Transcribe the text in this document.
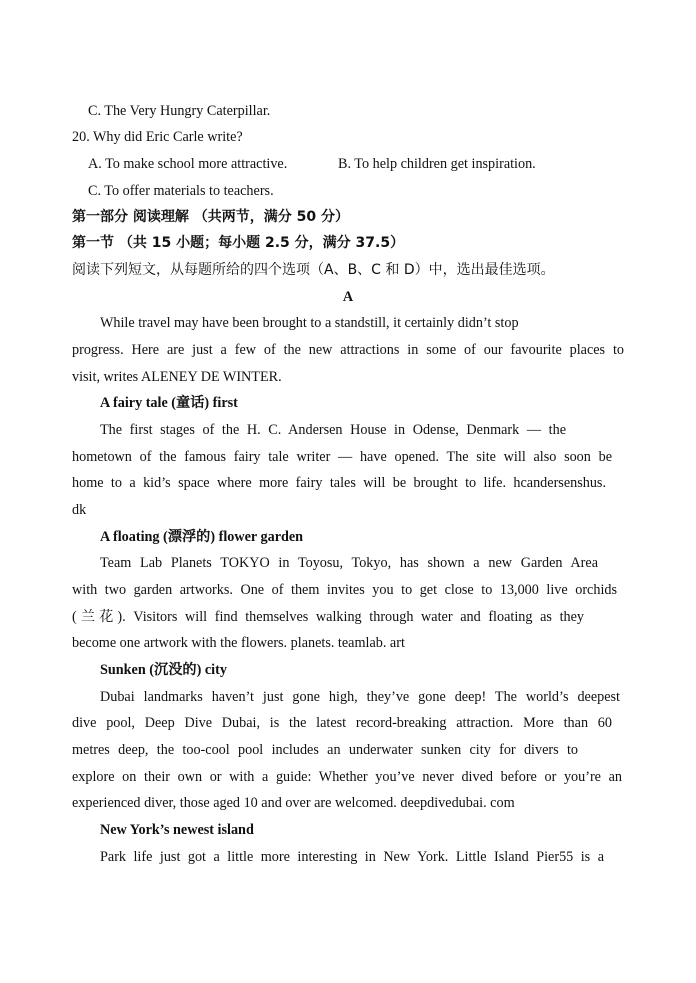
C. The Very Hungry Caterpillar.
20. Why did Eric Carle write?
A. To make school more attractive.	B. To help children get inspiration.
C. To offer materials to teachers.
第一部分 阅读理解 （共两节，满分 50 分）
第一节 （共 15 小题；每小题 2.5 分，满分 37.5）
阅读下列短文，从每题所给的四个选项（A、B、C 和 D）中，选出最佳选项。
A
While travel may have been brought to a standstill, it certainly didn’t stop
progress. Here are just a few of the new attractions in some of our favourite places to
visit, writes ALENEY DE WINTER.
A fairy tale (童话) first
The first stages of the H. C. Andersen House in Odense, Denmark — the
hometown of the famous fairy tale writer — have opened. The site will also soon be
home to a kid’s space where more fairy tales will be brought to life. hcandersenshus.
dk
A floating (漂浮的) flower garden
Team Lab Planets TOKYO in Toyosu, Tokyo, has shown a new Garden Area
with two garden artworks. One of them invites you to get close to 13,000 live orchids
(兰花). Visitors will find themselves walking through water and floating as they
become one artwork with the flowers. planets. teamlab. art
Sunken (沉没的) city
Dubai landmarks haven’t just gone high, they’ve gone deep! The world’s deepest
dive pool, Deep Dive Dubai, is the latest record-breaking attraction. More than 60
metres deep, the too-cool pool includes an underwater sunken city for divers to
explore on their own or with a guide: Whether you’ve never dived before or you’re an
experienced diver, those aged 10 and over are welcomed. deepdivedubai. com
New York’s newest island
Park life just got a little more interesting in New York. Little Island Pier55 is a
